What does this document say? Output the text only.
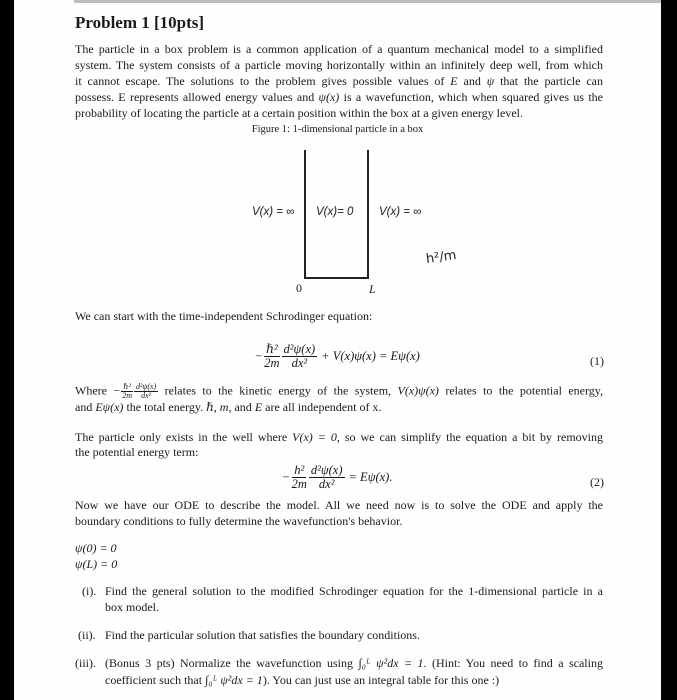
Problem 1 [10pts]
The particle in a box problem is a common application of a quantum mechanical model to a simplified
system. The system consists of a particle moving horizontally within an infinitely deep well, from which
it cannot escape. The solutions to the problem gives possible values of E and ψ that the particle can
possess. E represents allowed energy values and ψ(x) is a wavefunction, which when squared gives us the
probability of locating the particle at a certain position within the box at a given energy level.
Figure 1: 1-dimensional particle in a box
V(x) = ∞ V(x)= 0 V(x) = ∞
0	L
h²/m
We can start with the time-independent Schrodinger equation:
−
ℏ²
$2m \frac{\text{d²ψ(x)}}{\text{dx²}} + V(x)\psi(x) = E\psi(x)$	(1)
Where − ℏ²
$2m \frac{\text{d²ψ(x)}}{\text{dx²}}$ relates to the kinetic energy of the system, V(x)ψ(x) relates to the potential energy,
and Eψ(x) the total energy. ℏ, m, and E are all independent of x.
The particle only exists in the well where V(x) = 0, so we can simplify the equation a bit by removing
the potential energy term:
− $\frac{\text{h²}}{2m} \frac{\text{d²ψ(x)}}{\text{dx²}} = E\psi(x)$.	(2)
Now we have our ODE to describe the model. All we need now is to solve the ODE and apply the
boundary conditions to fully determine the wavefunction's behavior.
ψ(0) = 0
ψ(L) = 0
(i). Find the general solution to the modified Schrodinger equation for the 1-dimensional particle in a
box model.
(ii). Find the particular solution that satisfies the boundary conditions.
(iii). (Bonus 3 pts) Normalize the wavefunction using ∫₀ᴸ ψ²dx = 1. (Hint: You need to find a scaling
coefficient such that ∫₀ᴸ ψ²dx = 1). You can just use an integral table for this one :)
